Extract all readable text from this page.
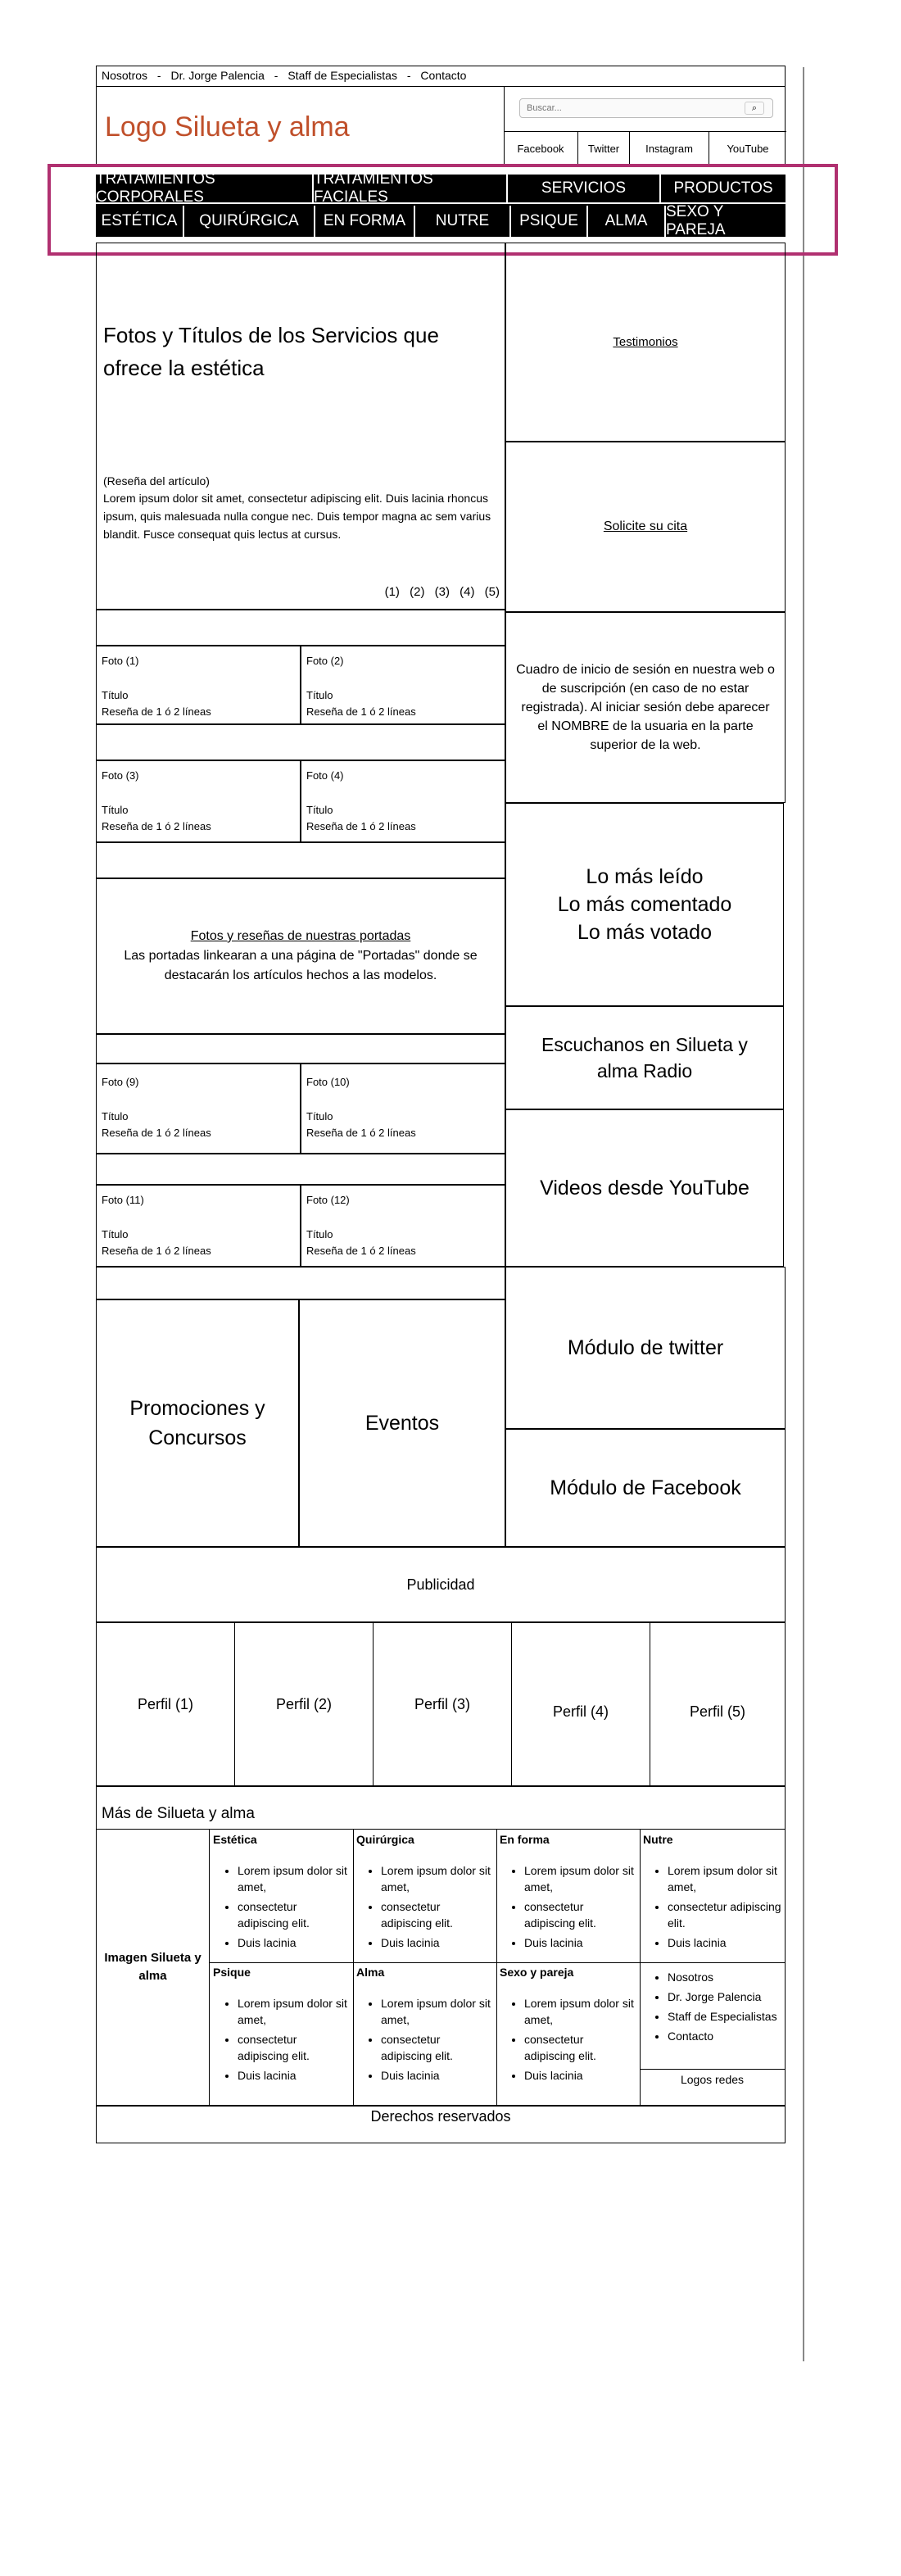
Nosotros - Dr. Jorge Palencia - Staff de Especialistas - Contacto
Logo Silueta y alma
Buscar...
⌕
Facebook	Twitter	Instagram	YouTube
TRATAMIENTOS CORPORALES
TRATAMIENTOS FACIALES
SERVICIOS	PRODUCTOS
ESTÉTICA	QUIRÚRGICA	EN FORMA	NUTRE	PSIQUE	ALMA
SEXO Y PAREJA
Fotos y Títulos de los Servicios que ofrece la estética
(Reseña del artículo)
Lorem ipsum dolor sit amet, consectetur adipiscing elit. Duis lacinia rhoncus ipsum, quis malesuada nulla congue nec. Duis tempor magna ac sem varius blandit. Fusce consequat quis lectus at cursus.
(1) (2) (3) (4) (5)
Foto (1)
Título
Reseña de 1 ó 2 líneas
Foto (2)
Título
Reseña de 1 ó 2 líneas
Foto (3)
Título
Reseña de 1 ó 2 líneas
Foto (4)
Título
Reseña de 1 ó 2 líneas
Fotos y reseñas de nuestras portadas
Las portadas linkearan a una página de "Portadas" donde se destacarán los artículos hechos a las modelos.
Foto (9)
Título
Reseña de 1 ó 2 líneas
Foto (10)
Título
Reseña de 1 ó 2 líneas
Foto (11)
Título
Reseña de 1 ó 2 líneas
Foto (12)
Título
Reseña de 1 ó 2 líneas
Promociones y Concursos
Eventos
Testimonios
Solicite su cita
Cuadro de inicio de sesión en nuestra web o de suscripción (en caso de no estar registrada). Al iniciar sesión debe aparecer el NOMBRE de la usuaria en la parte superior de la web.
Lo más leído
Lo más comentado
Lo más votado
Escuchanos en Silueta y alma Radio
Videos desde YouTube
Módulo de twitter
Módulo de Facebook
Publicidad
Perfil (1)	Perfil (2)	Perfil (3)	Perfil (4)	Perfil (5)
Más de Silueta y alma
Imagen Silueta y alma
Estética
• Lorem ipsum dolor sit amet,
• consectetur adipiscing elit.
• Duis lacinia
Quirúrgica
• Lorem ipsum dolor sit amet,
• consectetur adipiscing elit.
• Duis lacinia
En forma
• Lorem ipsum dolor sit amet,
• consectetur adipiscing elit.
• Duis lacinia
Nutre
• Lorem ipsum dolor sit amet,
• consectetur adipiscing elit.
• Duis lacinia
Psique
• Lorem ipsum dolor sit amet,
• consectetur adipiscing elit.
• Duis lacinia
Alma
• Lorem ipsum dolor sit amet,
• consectetur adipiscing elit.
• Duis lacinia
Sexo y pareja
• Lorem ipsum dolor sit amet,
• consectetur adipiscing elit.
• Duis lacinia
• Nosotros
• Dr. Jorge Palencia
• Staff de Especialistas
• Contacto
Logos redes
Derechos reservados
